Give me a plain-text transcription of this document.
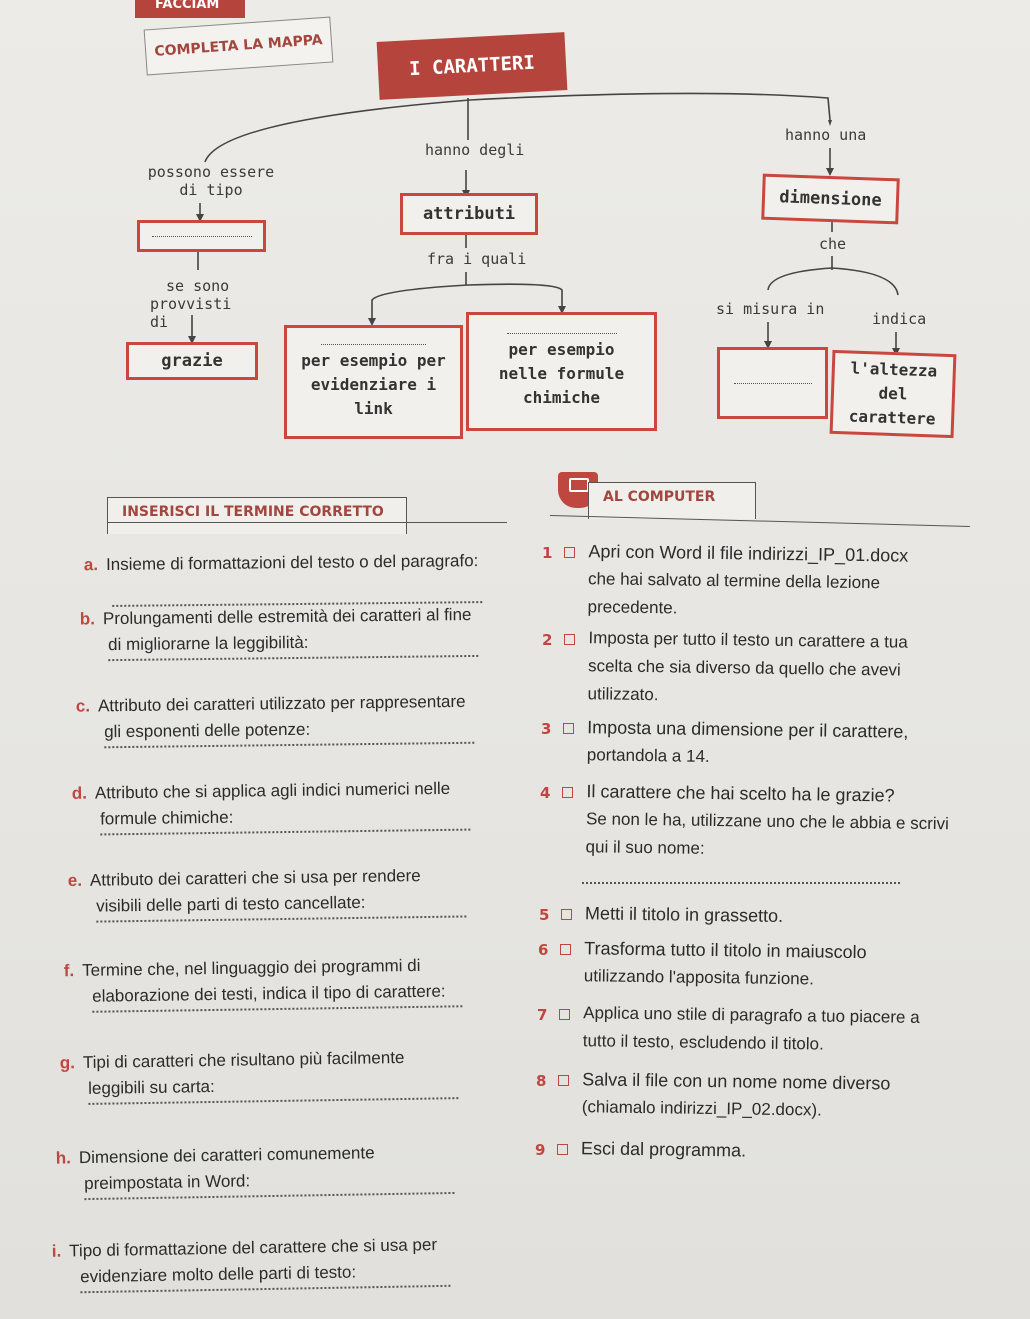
FACCIAM
COMPLETA LA MAPPA
I CARATTERI
possono essere
di tipo
se sono
provvisti di
grazie
hanno degli
attributi
fra i quali
per esempio per
evidenziare i link
per esempio
nelle formule
chimiche
hanno una
dimensione
che
si misura in
indica
l'altezza del
carattere
INSERISCI IL TERMINE CORRETTO
AL COMPUTER
a. Insieme di formattazioni del testo o del paragrafo:
b. Prolungamenti delle estremità dei caratteri al fine
di migliorarne la leggibilità:
c. Attributo dei caratteri utilizzato per rappresentare
gli esponenti delle potenze:
d. Attributo che si applica agli indici numerici nelle
formule chimiche:
e. Attributo dei caratteri che si usa per rendere
visibili delle parti di testo cancellate:
f. Termine che, nel linguaggio dei programmi di
elaborazione dei testi, indica il tipo di carattere:
g. Tipi di caratteri che risultano più facilmente
leggibili su carta:
h. Dimensione dei caratteri comunemente
preimpostata in Word:
i. Tipo di formattazione del carattere che si usa per
evidenziare molto delle parti di testo:
1 Apri con Word il file indirizzi_IP_01.docx
che hai salvato al termine della lezione
precedente.
2 Imposta per tutto il testo un carattere a tua
scelta che sia diverso da quello che avevi
utilizzato.
3 Imposta una dimensione per il carattere,
portandola a 14.
4 Il carattere che hai scelto ha le grazie?
Se non le ha, utilizzane uno che le abbia e scrivi
qui il suo nome:
5 Metti il titolo in grassetto.
6 Trasforma tutto il titolo in maiuscolo
utilizzando l'apposita funzione.
7 Applica uno stile di paragrafo a tuo piacere a
tutto il testo, escludendo il titolo.
8 Salva il file con un nome nome diverso
(chiamalo indirizzi_IP_02.docx).
9 Esci dal programma.
